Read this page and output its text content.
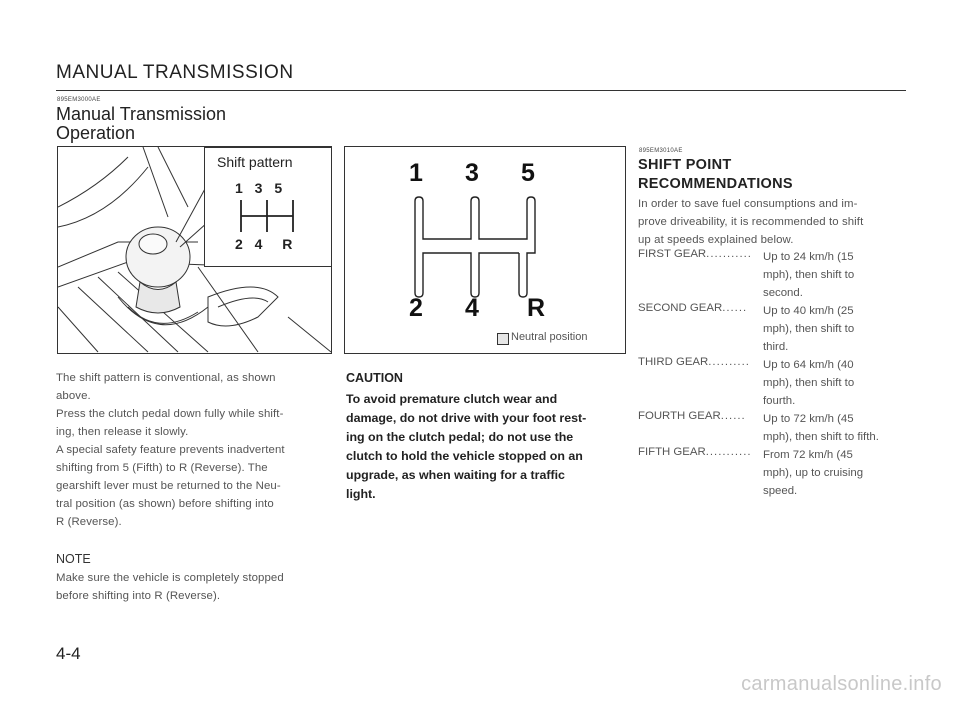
MANUAL TRANSMISSION
895EM3000AE
Manual Transmission
Operation
Shift pattern
1 3 5
2 4  R
The shift pattern is conventional, as shown
above.
Press the clutch pedal down fully while shift-
ing, then release it slowly.
A special safety feature prevents inadvertent
shifting from 5 (Fifth) to R (Reverse). The
gearshift lever must be returned to the Neu-
tral position (as shown) before shifting into
R (Reverse).
NOTE
Make sure the vehicle is completely stopped
before shifting into R (Reverse).
1 3 5
2 4 R
Neutral position
CAUTION
To avoid premature clutch wear and
damage, do not drive with your foot rest-
ing on the clutch pedal; do not use the
clutch to hold the vehicle stopped on an
upgrade, as when waiting for a traffic
light.
895EM3010AE
SHIFT POINT
RECOMMENDATIONS
In order to save fuel consumptions and im-
prove driveability, it is recommended to shift
up at speeds explained below.
FIRST GEAR........... Up to 24 km/h (15
mph), then shift to
second.
SECOND GEAR...... Up to 40 km/h (25
mph), then shift to
third.
THIRD GEAR.......... Up to 64 km/h (40
mph), then shift to
fourth.
FOURTH GEAR...... Up to 72 km/h (45
mph), then shift to fifth.
FIFTH GEAR........... From 72 km/h (45
mph), up to cruising
speed.
4-4
carmanualsonline.info
